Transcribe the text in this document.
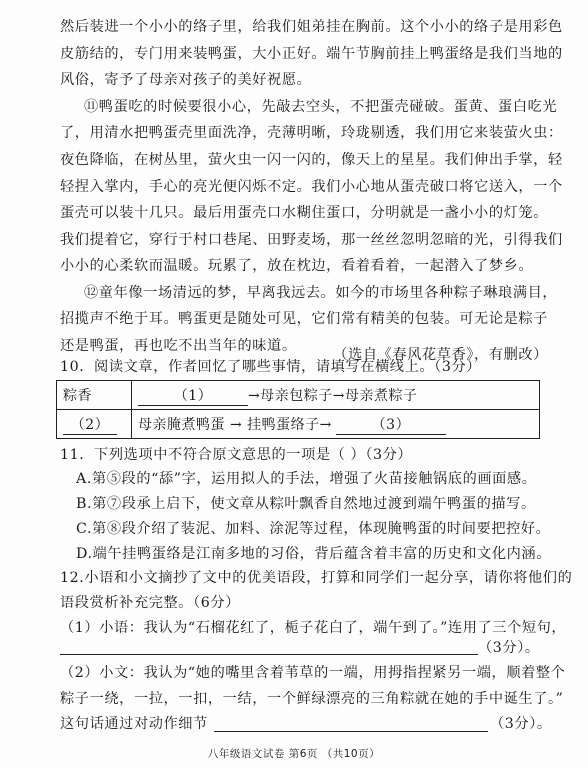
然后装进一个小小的络子里，给我们姐弟挂在胸前。这个小小的络子是用彩色
皮筋结的，专门用来装鸭蛋，大小正好。端午节胸前挂上鸭蛋络是我们当地的
风俗，寄予了母亲对孩子的美好祝愿。
⑪鸭蛋吃的时候要很小心，先敲去空头，不把蛋壳碰破。蛋黄、蛋白吃光
了，用清水把鸭蛋壳里面洗净，壳薄明晰，玲珑剔透，我们用它来装萤火虫：
夜色降临，在树丛里，萤火虫一闪一闪的，像天上的星星。我们伸出手掌，轻
轻捏入掌内，手心的亮光便闪烁不定。我们小心地从蛋壳破口将它送入，一个
蛋壳可以装十几只。最后用蛋壳口水糊住蛋口，分明就是一盏小小的灯笼。
我们提着它，穿行于村口巷尾、田野麦场，那一丝丝忽明忽暗的光，引得我们
小小的心柔软而温暖。玩累了，放在枕边，看着看着，一起潜入了梦乡。
⑫童年像一场清远的梦，早离我远去。如今的市场里各种粽子琳琅满目，
招揽声不绝于耳。鸭蛋更是随处可见，它们常有精美的包装。可无论是粽子
还是鸭蛋，再也吃不出当年的味道。
（选自《春风花草香》，有删改）
10．阅读文章，作者回忆了哪些事情，请填写在横线上。（3分）
粽香	（1） →母亲包粽子→母亲煮粽子
（2）	母亲腌煮鸭蛋 → 挂鸭蛋络子→ （3）
11．下列选项中不符合原文意思的一项是（ ）（3分）
A.第⑤段的“舔”字，运用拟人的手法，增强了火苗接触锅底的画面感。
B.第⑦段承上启下，使文章从粽叶飘香自然地过渡到端午鸭蛋的描写。
C.第⑧段介绍了装泥、加料、涂泥等过程，体现腌鸭蛋的时间要把控好。
D.端午挂鸭蛋络是江南多地的习俗，背后蕴含着丰富的历史和文化内涵。
12.小语和小文摘抄了文中的优美语段，打算和同学们一起分享，请你将他们的
语段赏析补充完整。（6分）
（1）小语：我认为“石榴花红了，栀子花白了，端午到了。”连用了三个短句，
（3分）。
（2）小文：我认为“她的嘴里含着苇草的一端，用拇指捏紧另一端，顺着整个
粽子一绕，一拉，一扣，一结，一个鲜绿漂亮的三角粽就在她的手中诞生了。”
这句话通过对动作细节	（3分）。
八年级语文试卷 第6页 （共10页）
